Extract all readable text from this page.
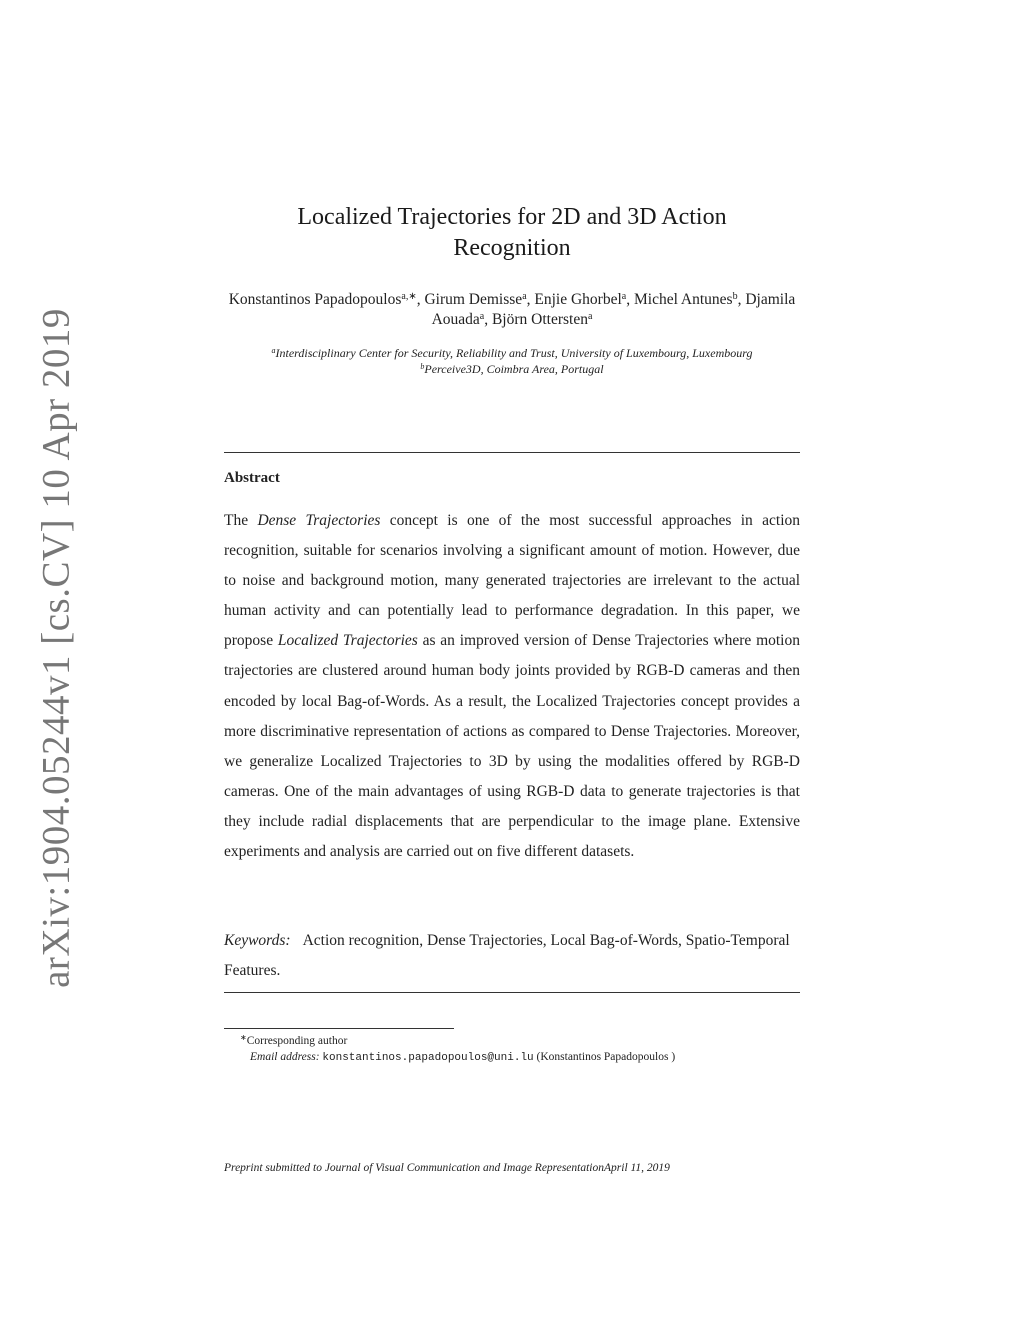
arXiv:1904.05244v1 [cs.CV] 10 Apr 2019
Localized Trajectories for 2D and 3D Action
Recognition
Konstantinos Papadopoulos$^{a,∗}$, Girum Demisse$^a$, Enjie Ghorbel$^a$, Michel Antunes$^b$, Djamila Aouada$^a$, Björn Ottersten$^a$
$^a$Interdisciplinary Center for Security, Reliability and Trust, University of Luxembourg, Luxembourg
$^b$Perceive3D, Coimbra Area, Portugal
Abstract
The Dense Trajectories concept is one of the most successful approaches in action recognition, suitable for scenarios involving a significant amount of motion. However, due to noise and background motion, many generated trajectories are irrelevant to the actual human activity and can potentially lead to performance degradation. In this paper, we propose Localized Trajectories as an improved version of Dense Trajectories where motion trajectories are clustered around human body joints provided by RGB-D cameras and then encoded by local Bag-of-Words. As a result, the Localized Trajectories concept provides a more discriminative representation of actions as compared to Dense Trajectories. Moreover, we generalize Localized Trajectories to 3D by using the modalities offered by RGB-D cameras. One of the main advantages of using RGB-D data to generate trajectories is that they include radial displacements that are perpendicular to the image plane. Extensive experiments and analysis are carried out on five different datasets.
Keywords: Action recognition, Dense Trajectories, Local Bag-of-Words, Spatio-Temporal Features.
∗Corresponding author
Email address: konstantinos.papadopoulos@uni.lu (Konstantinos Papadopoulos )
Preprint submitted to Journal of Visual Communication and Image RepresentationApril 11, 2019
